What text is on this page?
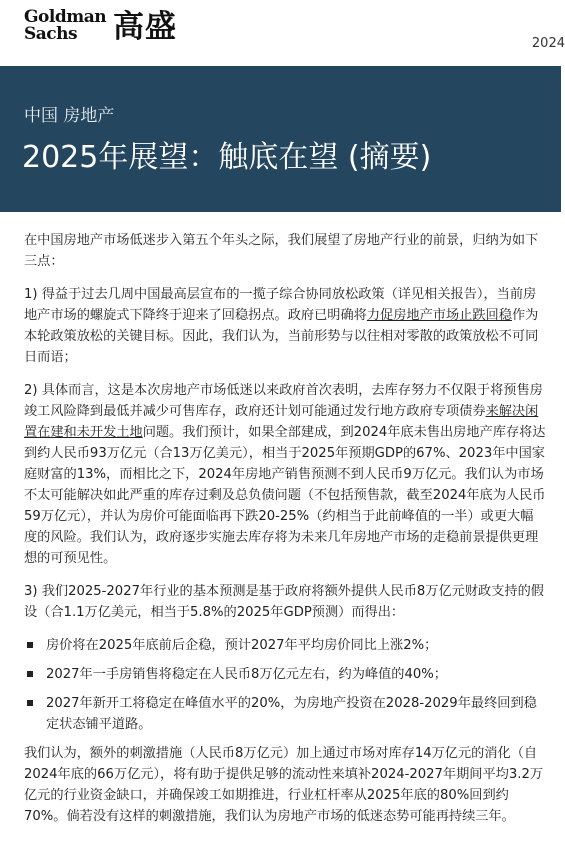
Goldman
Sachs	高盛	2024
中国 房地产
2025年展望：触底在望 (摘要)

在中国房地产市场低迷步入第五个年头之际，我们展望了房地产行业的前景，归纳为如下三点：

1) 得益于过去几周中国最高层宣布的一揽子综合协同放松政策（详见相关报告），当前房地产市场的螺旋式下降终于迎来了回稳拐点。政府已明确将力促房地产市场止跌回稳作为本轮政策放松的关键目标。因此，我们认为，当前形势与以往相对零散的政策放松不可同日而语；

2) 具体而言，这是本次房地产市场低迷以来政府首次表明，去库存努力不仅限于将预售房竣工风险降到最低并减少可售库存，政府还计划可能通过发行地方政府专项债券来解决闲置在建和未开发土地问题。我们预计，如果全部建成，到2024年底未售出房地产库存将达到约人民币93万亿元（合13万亿美元），相当于2025年预期GDP的67%、2023年中国家庭财富的13%，而相比之下，2024年房地产销售预测不到人民币9万亿元。我们认为市场不太可能解决如此严重的库存过剩及总负债问题（不包括预售款，截至2024年底为人民币59万亿元），并认为房价可能面临再下跌20-25%（约相当于此前峰值的一半）或更大幅度的风险。我们认为，政府逐步实施去库存将为未来几年房地产市场的走稳前景提供更理想的可预见性。

3) 我们2025-2027年行业的基本预测是基于政府将额外提供人民币8万亿元财政支持的假设（合1.1万亿美元，相当于5.8%的2025年GDP预测）而得出：

房价将在2025年底前后企稳，预计2027年平均房价同比上涨2%；
2027年一手房销售将稳定在人民币8万亿元左右，约为峰值的40%；
2027年新开工将稳定在峰值水平的20%，为房地产投资在2028-2029年最终回到稳定状态铺平道路。

我们认为，额外的刺激措施（人民币8万亿元）加上通过市场对库存14万亿元的消化（自2024年底的66万亿元），将有助于提供足够的流动性来填补2024-2027年期间平均3.2万亿元的行业资金缺口，并确保竣工如期推进，行业杠杆率从2025年底的80%回到约70%。倘若没有这样的刺激措施，我们认为房地产市场的低迷态势可能再持续三年。
